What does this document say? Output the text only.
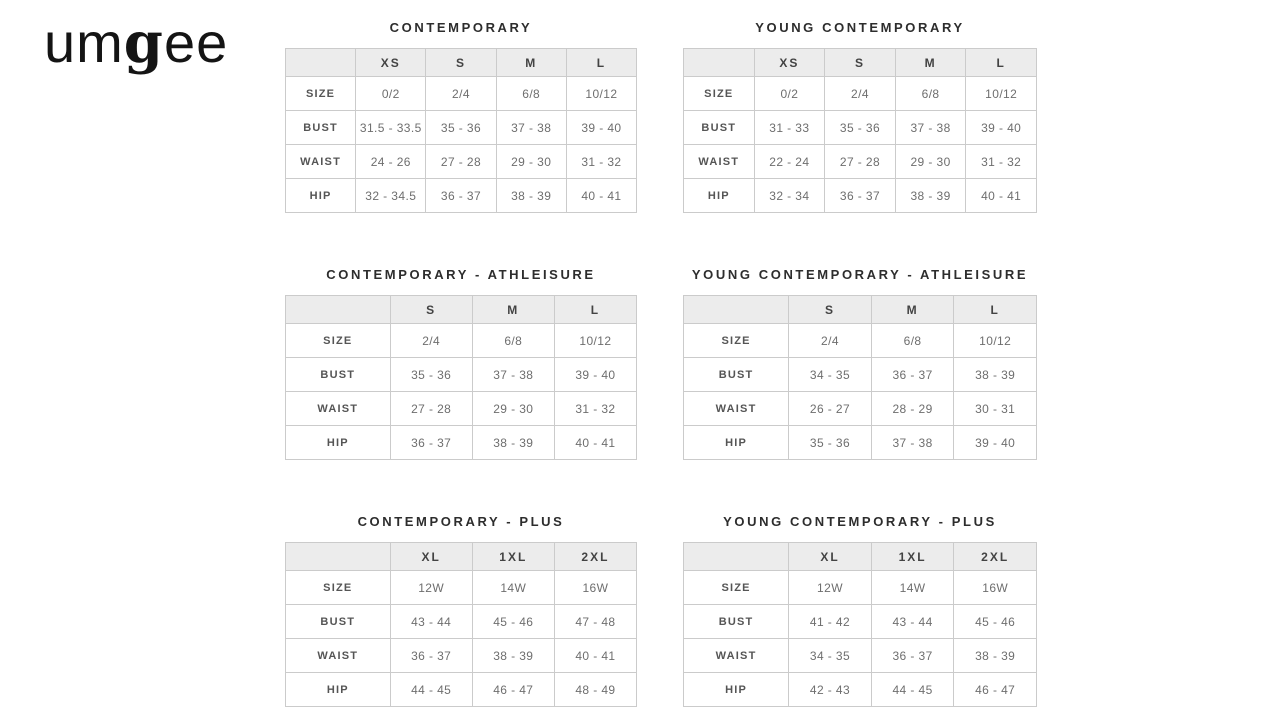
umgee	CONTEMPORARY
	XS	S	M	L
SIZE	0/2	2/4	6/8	10/12
BUST	31.5 - 33.5	35 - 36	37 - 38	39 - 40
WAIST	24 - 26	27 - 28	29 - 30	31 - 32
HIP	32 - 34.5	36 - 37	38 - 39	40 - 41
CONTEMPORARY - ATHLEISURE
	S	M	L
SIZE	2/4	6/8	10/12
BUST	35 - 36	37 - 38	39 - 40
WAIST	27 - 28	29 - 30	31 - 32
HIP	36 - 37	38 - 39	40 - 41
CONTEMPORARY - PLUS
	XL	1XL	2XL
SIZE	12W	14W	16W
BUST	43 - 44	45 - 46	47 - 48
WAIST	36 - 37	38 - 39	40 - 41
HIP	44 - 45	46 - 47	48 - 49
YOUNG CONTEMPORARY
	XS	S	M	L
SIZE	0/2	2/4	6/8	10/12
BUST	31 - 33	35 - 36	37 - 38	39 - 40
WAIST	22 - 24	27 - 28	29 - 30	31 - 32
HIP	32 - 34	36 - 37	38 - 39	40 - 41
YOUNG CONTEMPORARY - ATHLEISURE
	S	M	L
SIZE	2/4	6/8	10/12
BUST	34 - 35	36 - 37	38 - 39
WAIST	26 - 27	28 - 29	30 - 31
HIP	35 - 36	37 - 38	39 - 40
YOUNG CONTEMPORARY - PLUS
	XL	1XL	2XL
SIZE	12W	14W	16W
BUST	41 - 42	43 - 44	45 - 46
WAIST	34 - 35	36 - 37	38 - 39
HIP	42 - 43	44 - 45	46 - 47
